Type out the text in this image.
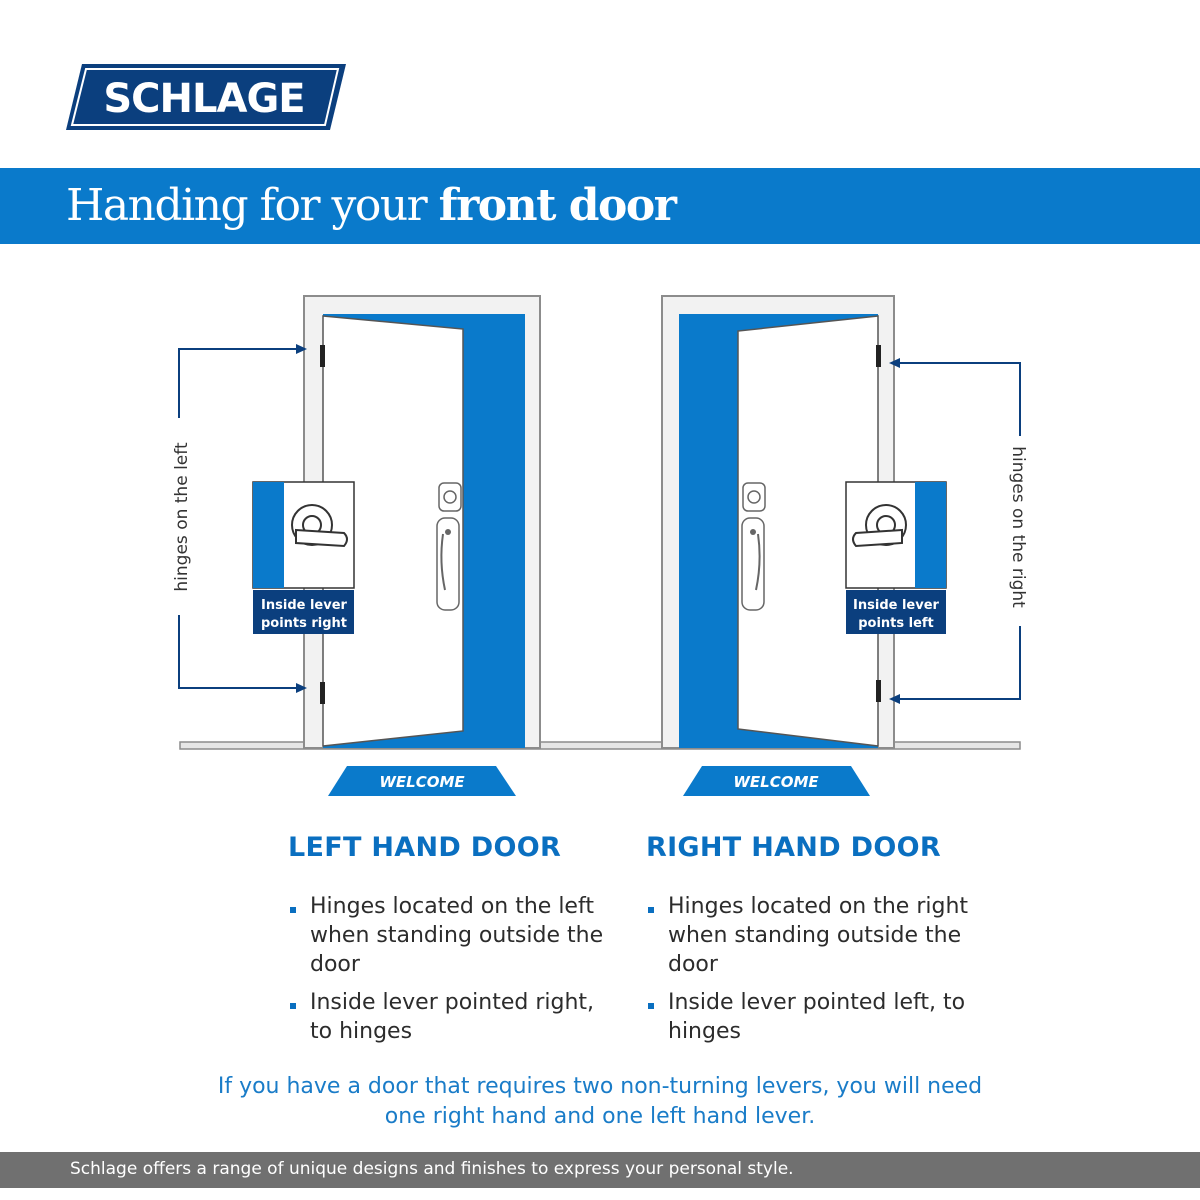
SCHLAGE
Handing for your front door
hinges on the left
Inside lever
points right
WELCOME
hinges on the right
Inside lever
points left
WELCOME
LEFT HAND DOOR	RIGHT HAND DOOR
Hinges located on the left when standing outside the door
Inside lever pointed right, to hinges
Hinges located on the right when standing outside the door
Inside lever pointed left, to hinges
If you have a door that requires two non-turning levers, you will need one right hand and one left hand lever.
Schlage offers a range of unique designs and finishes to express your personal style.
